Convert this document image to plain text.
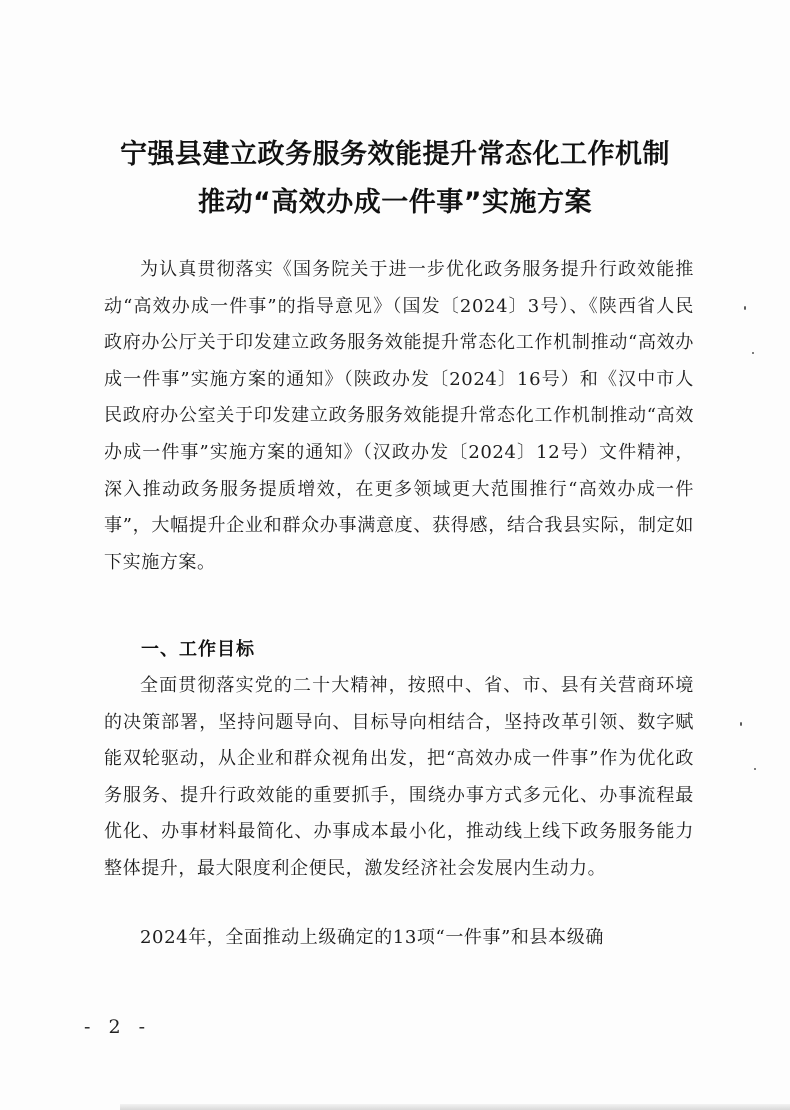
宁强县建立政务服务效能提升常态化工作机制
推动“高效办成一件事”实施方案

为认真贯彻落实《国务院关于进一步优化政务服务提升行政效能推动“高效办成一件事”的指导意见》（国发〔2024〕3号）、《陕西省人民政府办公厅关于印发建立政务服务效能提升常态化工作机制推动“高效办成一件事”实施方案的通知》（陕政办发〔2024〕16号）和《汉中市人民政府办公室关于印发建立政务服务效能提升常态化工作机制推动“高效办成一件事”实施方案的通知》（汉政办发〔2024〕12号）文件精神，深入推动政务服务提质增效，在更多领域更大范围推行“高效办成一件事”，大幅提升企业和群众办事满意度、获得感，结合我县实际，制定如下实施方案。

一、工作目标

全面贯彻落实党的二十大精神，按照中、省、市、县有关营商环境的决策部署，坚持问题导向、目标导向相结合，坚持改革引领、数字赋能双轮驱动，从企业和群众视角出发，把“高效办成一件事”作为优化政务服务、提升行政效能的重要抓手，围绕办事方式多元化、办事流程最优化、办事材料最简化、办事成本最小化，推动线上线下政务服务能力整体提升，最大限度利企便民，激发经济社会发展内生动力。

2024年，全面推动上级确定的13项“一件事”和县本级确

- 2 -
